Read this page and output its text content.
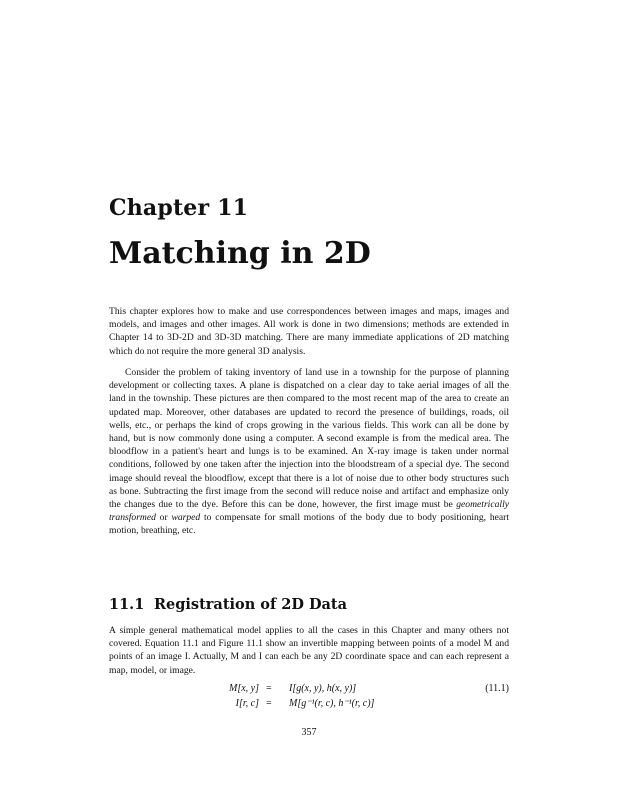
Chapter 11
Matching in 2D

This chapter explores how to make and use correspondences between images and maps, images and models, and images and other images. All work is done in two dimensions; methods are extended in Chapter 14 to 3D-2D and 3D-3D matching. There are many immediate applications of 2D matching which do not require the more general 3D analysis.

Consider the problem of taking inventory of land use in a township for the purpose of planning development or collecting taxes. A plane is dispatched on a clear day to take aerial images of all the land in the township. These pictures are then compared to the most recent map of the area to create an updated map. Moreover, other databases are updated to record the presence of buildings, roads, oil wells, etc., or perhaps the kind of crops growing in the various fields. This work can all be done by hand, but is now commonly done using a computer. A second example is from the medical area. The bloodflow in a patient's heart and lungs is to be examined. An X-ray image is taken under normal conditions, followed by one taken after the injection into the bloodstream of a special dye. The second image should reveal the bloodflow, except that there is a lot of noise due to other body structures such as bone. Subtracting the first image from the second will reduce noise and artifact and emphasize only the changes due to the dye. Before this can be done, however, the first image must be geometrically transformed or warped to compensate for small motions of the body due to body positioning, heart motion, breathing, etc.

11.1 Registration of 2D Data

A simple general mathematical model applies to all the cases in this Chapter and many others not covered. Equation 11.1 and Figure 11.1 show an invertible mapping between points of a model M and points of an image I. Actually, M and I can each be any 2D coordinate space and can each represent a map, model, or image.

M[x, y] = I[g(x, y), h(x, y)]	(11.1)
I[r, c] = M[g⁻¹(r, c), h⁻¹(r, c)]
357
